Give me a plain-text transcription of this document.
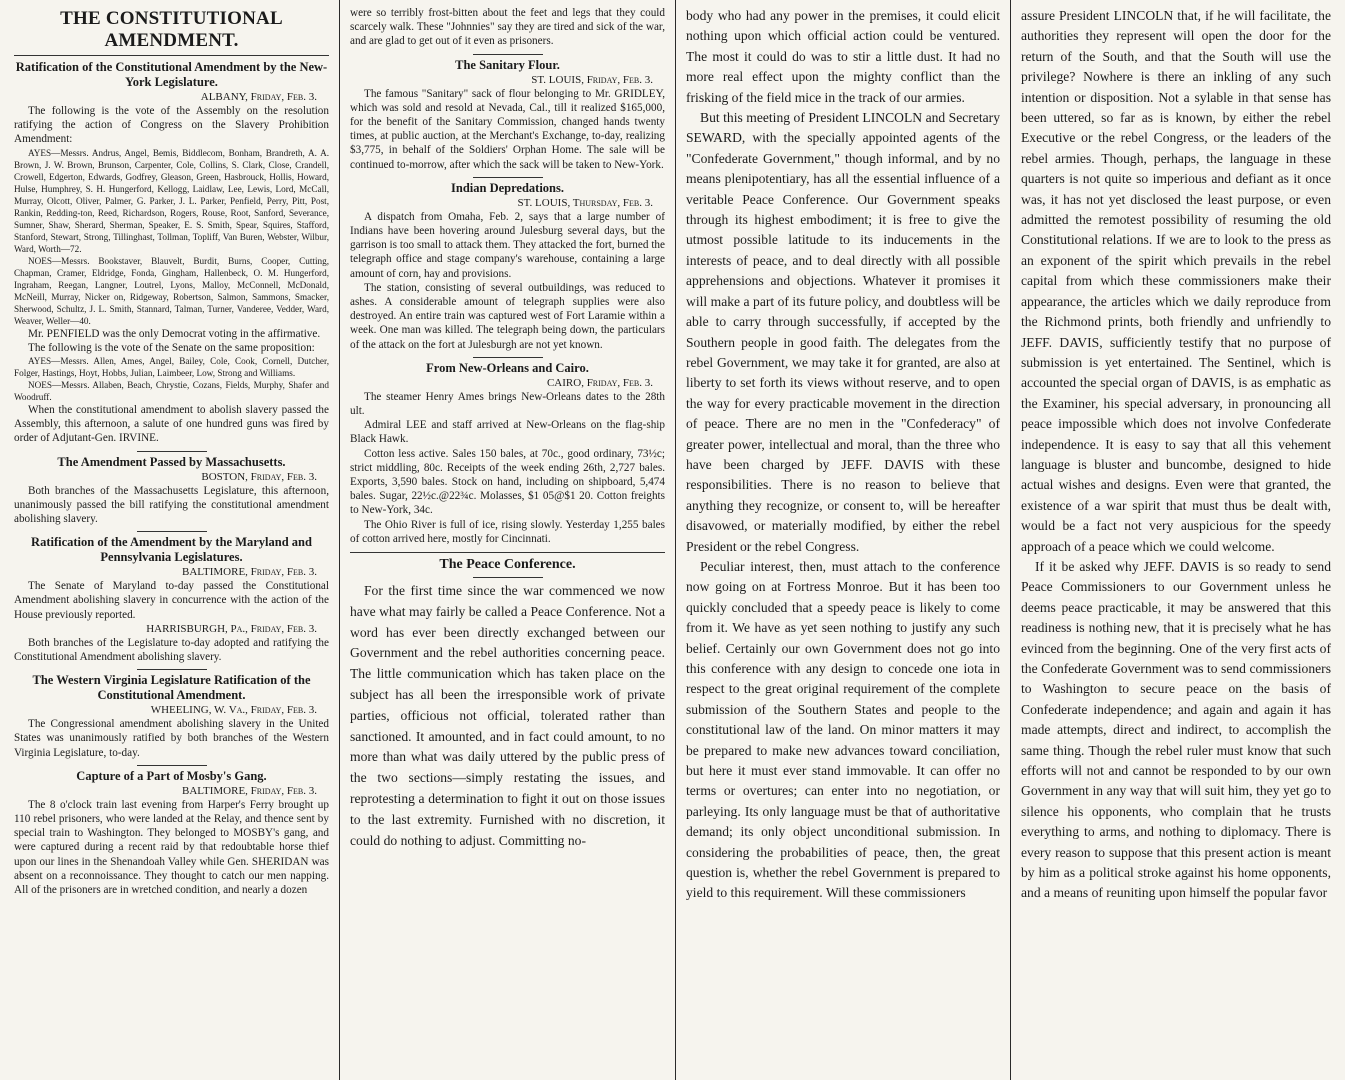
THE CONSTITUTIONAL AMENDMENT.
Ratification of the Constitutional Amendment by the New-York Legislature.
ALBANY, Friday, Feb. 3.

The following is the vote of the Assembly on the resolution ratifying the action of Congress on the Slavery Prohibition Amendment:

AYES—Messrs. Andrus, Angel, Bemis, Biddlecom, Bonham, Brandreth, A. A. Brown, J. W. Brown, Brunson, Carpenter, Cole, Collins, S. Clark, Close, Crandell, Crowell, Edgerton, Edwards, Godfrey, Gleason, Green, Hasbrouck, Hollis, Howard, Hulse, Humphrey, S. H. Hungerford, Kellogg, Laidlaw, Lee, Lewis, Lord, McCall, Murray, Olcott, Oliver, Palmer, G. Parker, J. L. Parker, Penfield, Perry, Pitt, Post, Rankin, Redding-ton, Reed, Richardson, Rogers, Rouse, Root, Sanford, Severance, Sumner, Shaw, Sherard, Sherman, Speaker, E. S. Smith, Spear, Squires, Stafford, Stanford, Stewart, Strong, Tillinghast, Tollman, Topliff, Van Buren, Webster, Wilbur, Ward, Worth—72.

NOES—Messrs. Bookstaver, Blauvelt, Burdit, Burns, Cooper, Cutting, Chapman, Cramer, Eldridge, Fonda, Gingham, Hallenbeck, O. M. Hungerford, Ingraham, Reegan, Langner, Loutrel, Lyons, Malloy, McConnell, McDonald, McNeill, Murray, Nicker on, Ridgeway, Robertson, Salmon, Sammons, Smacker, Sherwood, Schultz, J. L. Smith, Stannard, Talman, Turner, Vanderee, Vedder, Ward, Weaver, Weller—40.

Mr. PENFIELD was the only Democrat voting in the affirmative.

The following is the vote of the Senate on the same proposition:

AYES—Messrs. Allen, Ames, Angel, Bailey, Cole, Cook, Cornell, Dutcher, Folger, Hastings, Hoyt, Hobbs, Julian, Laimbeer, Low, Strong and Williams.

NOES—Messrs. Allaben, Beach, Chrystie, Cozans, Fields, Murphy, Shafer and Woodruff.

When the constitutional amendment to abolish slavery passed the Assembly, this afternoon, a salute of one hundred guns was fired by order of Adjutant-Gen. IRVINE.

The Amendment Passed by Massachusetts.
BOSTON, Friday, Feb. 3.

Both branches of the Massachusetts Legislature, this afternoon, unanimously passed the bill ratifying the constitutional amendment abolishing slavery.

Ratification of the Amendment by the Maryland and Pennsylvania Legislatures.
BALTIMORE, Friday, Feb. 3.

The Senate of Maryland to-day passed the Constitutional Amendment abolishing slavery in concurrence with the action of the House previously reported.

HARRISBURGH, Pa., Friday, Feb. 3.

Both branches of the Legislature to-day adopted and ratifying the Constitutional Amendment abolishing slavery.

The Western Virginia Legislature Ratification of the Constitutional Amendment.
WHEELING, W. Va., Friday, Feb. 3.

The Congressional amendment abolishing slavery in the United States was unanimously ratified by both branches of the Western Virginia Legislature, to-day.

Capture of a Part of Mosby's Gang.
BALTIMORE, Friday, Feb. 3.

The 8 o'clock train last evening from Harper's Ferry brought up 110 rebel prisoners, who were landed at the Relay, and thence sent by special train to Washington. They belonged to MOSBY's gang, and were captured during a recent raid by that redoubtable horse thief upon our lines in the Shenandoah Valley while Gen. SHERIDAN was absent on a reconnoissance. They thought to catch our men napping. All of the prisoners are in wretched condition, and nearly a dozen

were so terribly frost-bitten about the feet and legs that they could scarcely walk. These "Johnnies" say they are tired and sick of the war, and are glad to get out of it even as prisoners.

The Sanitary Flour.
ST. LOUIS, Friday, Feb. 3.

The famous "Sanitary" sack of flour belonging to Mr. GRIDLEY, which was sold and resold at Nevada, Cal., till it realized $165,000, for the benefit of the Sanitary Commission, changed hands twenty times, at public auction, at the Merchant's Exchange, to-day, realizing $3,775, in behalf of the Soldiers' Orphan Home. The sale will be continued to-morrow, after which the sack will be taken to New-York.

Indian Depredations.
ST. LOUIS, Thursday, Feb. 3.

A dispatch from Omaha, Feb. 2, says that a large number of Indians have been hovering around Julesburg several days, but the garrison is too small to attack them. They attacked the fort, burned the telegraph office and stage company's warehouse, containing a large amount of corn, hay and provisions.

The station, consisting of several outbuildings, was reduced to ashes. A considerable amount of telegraph supplies were also destroyed. An entire train was captured west of Fort Laramie within a week. One man was killed. The telegraph being down, the particulars of the attack on the fort at Julesburgh are not yet known.

From New-Orleans and Cairo.
CAIRO, Friday, Feb. 3.

The steamer Henry Ames brings New-Orleans dates to the 28th ult.

Admiral LEE and staff arrived at New-Orleans on the flag-ship Black Hawk.

Cotton less active. Sales 150 bales, at 70c., good ordinary, 73½c; strict middling, 80c. Receipts of the week ending 26th, 2,727 bales. Exports, 3,590 bales. Stock on hand, including on shipboard, 5,474 bales. Sugar, 22½c.@22¾c. Molasses, $1 05@$1 20. Cotton freights to New-York, 34c.

The Ohio River is full of ice, rising slowly. Yesterday 1,255 bales of cotton arrived here, mostly for Cincinnati.

The Peace Conference.

For the first time since the war commenced we now have what may fairly be called a Peace Conference. Not a word has ever been directly exchanged between our Government and the rebel authorities concerning peace. The little communication which has taken place on the subject has all been the irresponsible work of private parties, officious not official, tolerated rather than sanctioned. It amounted, and in fact could amount, to no more than what was daily uttered by the public press of the two sections—simply restating the issues, and reprotesting a determination to fight it out on those issues to the last extremity. Furnished with no discretion, it could do nothing to adjust. Committing no-

body who had any power in the premises, it could elicit nothing upon which official action could be ventured. The most it could do was to stir a little dust. It had no more real effect upon the mighty conflict than the frisking of the field mice in the track of our armies.

But this meeting of President LINCOLN and Secretary SEWARD, with the specially appointed agents of the "Confederate Government," though informal, and by no means plenipotentiary, has all the essential influence of a veritable Peace Conference. Our Government speaks through its highest embodiment; it is free to give the utmost possible latitude to its inducements in the interests of peace, and to deal directly with all possible apprehensions and objections. Whatever it promises it will make a part of its future policy, and doubtless will be able to carry through successfully, if accepted by the Southern people in good faith. The delegates from the rebel Government, we may take it for granted, are also at liberty to set forth its views without reserve, and to open the way for every practicable movement in the direction of peace. There are no men in the "Confederacy" of greater power, intellectual and moral, than the three who have been charged by JEFF. DAVIS with these responsibilities. There is no reason to believe that anything they recognize, or consent to, will be hereafter disavowed, or materially modified, by either the rebel President or the rebel Congress.

Peculiar interest, then, must attach to the conference now going on at Fortress Monroe. But it has been too quickly concluded that a speedy peace is likely to come from it. We have as yet seen nothing to justify any such belief. Certainly our own Government does not go into this conference with any design to concede one iota in respect to the great original requirement of the complete submission of the Southern States and people to the constitutional law of the land. On minor matters it may be prepared to make new advances toward conciliation, but here it must ever stand immovable. It can offer no terms or overtures; can enter into no negotiation, or parleying. Its only language must be that of authoritative demand; its only object unconditional submission. In considering the probabilities of peace, then, the great question is, whether the rebel Government is prepared to yield to this requirement. Will these commissioners

assure President LINCOLN that, if he will facilitate, the authorities they represent will open the door for the return of the South, and that the South will use the privilege? Nowhere is there an inkling of any such intention or disposition. Not a sylable in that sense has been uttered, so far as is known, by either the rebel Executive or the rebel Congress, or the leaders of the rebel armies. Though, perhaps, the language in these quarters is not quite so imperious and defiant as it once was, it has not yet disclosed the least purpose, or even admitted the remotest possibility of resuming the old Constitutional relations. If we are to look to the press as an exponent of the spirit which prevails in the rebel capital from which these commissioners make their appearance, the articles which we daily reproduce from the Richmond prints, both friendly and unfriendly to JEFF. DAVIS, sufficiently testify that no purpose of submission is yet entertained. The Sentinel, which is accounted the special organ of DAVIS, is as emphatic as the Examiner, his special adversary, in pronouncing all peace impossible which does not involve Confederate independence. It is easy to say that all this vehement language is bluster and buncombe, designed to hide actual wishes and designs. Even were that granted, the existence of a war spirit that must thus be dealt with, would be a fact not very auspicious for the speedy approach of a peace which we could welcome.

If it be asked why JEFF. DAVIS is so ready to send Peace Commissioners to our Government unless he deems peace practicable, it may be answered that this readiness is nothing new, that it is precisely what he has evinced from the beginning. One of the very first acts of the Confederate Government was to send commissioners to Washington to secure peace on the basis of Confederate independence; and again and again it has made attempts, direct and indirect, to accomplish the same thing. Though the rebel ruler must know that such efforts will not and cannot be responded to by our own Government in any way that will suit him, they yet go to silence his opponents, who complain that he trusts everything to arms, and nothing to diplomacy. There is every reason to suppose that this present action is meant by him as a political stroke against his home opponents, and a means of reuniting upon himself the popular favor
